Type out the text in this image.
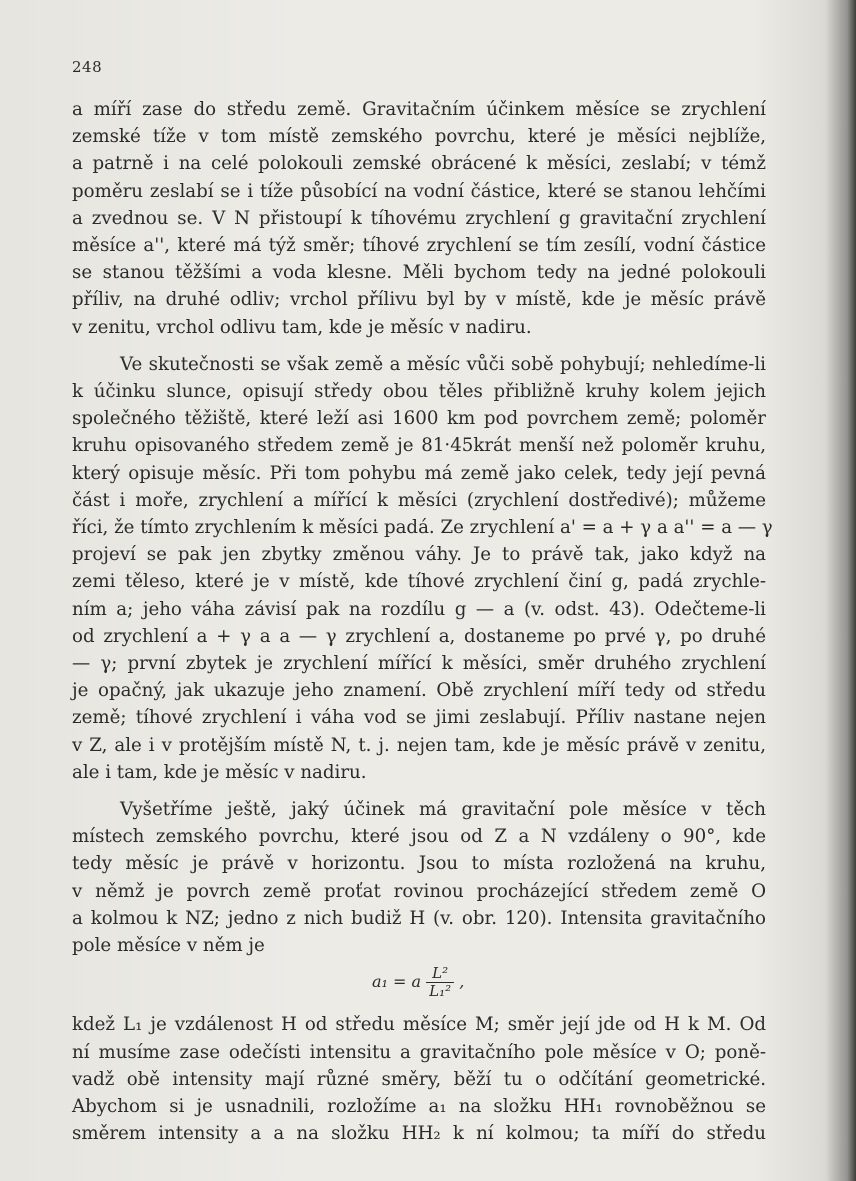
248
a míří zase do středu země. Gravitačním účinkem měsíce se zrychlení
zemské tíže v tom místě zemského povrchu, které je měsíci nejblíže,
a patrně i na celé polokouli zemské obrácené k měsíci, zeslabí; v témž
poměru zeslabí se i tíže působící na vodní částice, které se stanou lehčími
a zvednou se. V N přistoupí k tíhovému zrychlení g gravitační zrychlení
měsíce a'', které má týž směr; tíhové zrychlení se tím zesílí, vodní částice
se stanou těžšími a voda klesne. Měli bychom tedy na jedné polokouli
příliv, na druhé odliv; vrchol přílivu byl by v místě, kde je měsíc právě
v zenitu, vrchol odlivu tam, kde je měsíc v nadiru.
Ve skutečnosti se však země a měsíc vůči sobě pohybují; nehledíme-li
k účinku slunce, opisují středy obou těles přibližně kruhy kolem jejich
společného těžiště, které leží asi 1600 km pod povrchem země; poloměr
kruhu opisovaného středem země je 81·45krát menší než poloměr kruhu,
který opisuje měsíc. Při tom pohybu má země jako celek, tedy její pevná
část i moře, zrychlení a mířící k měsíci (zrychlení dostředivé); můžeme
říci, že tímto zrychlením k měsíci padá. Ze zrychlení a' = a + γ a a'' = a — γ
projeví se pak jen zbytky změnou váhy. Je to právě tak, jako když na
zemi těleso, které je v místě, kde tíhové zrychlení činí g, padá zrychle-
ním a; jeho váha závisí pak na rozdílu g — a (v. odst. 43). Odečteme-li
od zrychlení a + γ a a — γ zrychlení a, dostaneme po prvé γ, po druhé
— γ; první zbytek je zrychlení mířící k měsíci, směr druhého zrychlení
je opačný, jak ukazuje jeho znamení. Obě zrychlení míří tedy od středu
země; tíhové zrychlení i váha vod se jimi zeslabují. Příliv nastane nejen
v Z, ale i v protějším místě N, t. j. nejen tam, kde je měsíc právě v zenitu,
ale i tam, kde je měsíc v nadiru.
Vyšetříme ještě, jaký účinek má gravitační pole měsíce v těch
místech zemského povrchu, které jsou od Z a N vzdáleny o 90°, kde
tedy měsíc je právě v horizontu. Jsou to místa rozložená na kruhu,
v němž je povrch země proťat rovinou procházející středem země O
a kolmou k NZ; jedno z nich budiž H (v. obr. 120). Intensita gravitačního
pole měsíce v něm je
a₁ = a $\frac{\text{L²}}{\text{L₁²}}$ ,
kdež L₁ je vzdálenost H od středu měsíce M; směr její jde od H k M. Od
ní musíme zase odečísti intensitu a gravitačního pole měsíce v O; poně-
vadž obě intensity mají různé směry, běží tu o odčítání geometrické.
Abychom si je usnadnili, rozložíme a₁ na složku HH₁ rovnoběžnou se
směrem intensity a a na složku HH₂ k ní kolmou; ta míří do středu
